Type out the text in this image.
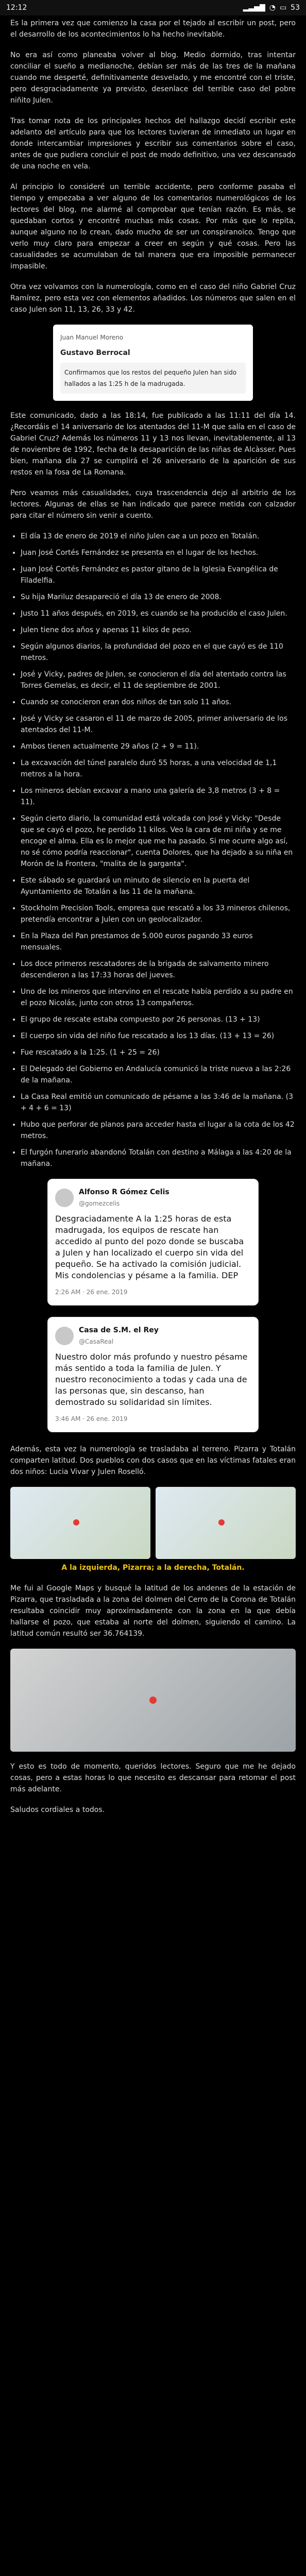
12:12	▂▃▅▇ ◔ ▭ 53

Es la primera vez que comienzo la casa por el tejado al escribir un post, pero el desarrollo de los acontecimientos lo ha hecho inevitable.

No era así como planeaba volver al blog. Medio dormido, tras intentar conciliar el sueño a medianoche, debían ser más de las tres de la mañana cuando me desperté, definitivamente desvelado, y me encontré con el triste, pero desgraciadamente ya previsto, desenlace del terrible caso del pobre niñito Julen.

Tras tomar nota de los principales hechos del hallazgo decidí escribir este adelanto del artículo para que los lectores tuvieran de inmediato un lugar en donde intercambiar impresiones y escribir sus comentarios sobre el caso, antes de que pudiera concluir el post de modo definitivo, una vez descansado de una noche en vela.

Al principio lo consideré un terrible accidente, pero conforme pasaba el tiempo y empezaba a ver alguno de los comentarios numerológicos de los lectores del blog, me alarmé al comprobar que tenían razón. Es más, se quedaban cortos y encontré muchas más cosas. Por más que lo repita, aunque alguno no lo crean, dado mucho de ser un conspiranoico. Tengo que verlo muy claro para empezar a creer en según y qué cosas. Pero las casualidades se acumulaban de tal manera que era imposible permanecer impasible.

Otra vez volvamos con la numerología, como en el caso del niño Gabriel Cruz Ramírez, pero esta vez con elementos añadidos. Los números que salen en el caso Julen son 11, 13, 26, 33 y 42.

Juan Manuel Moreno
Gustavo Berrocal
Confirmamos que los restos del pequeño Julen han sido hallados a las 1:25 h de la madrugada.

Este comunicado, dado a las 18:14, fue publicado a las 11:11 del día 14. ¿Recordáis el 14 aniversario de los atentados del 11-M que salía en el caso de Gabriel Cruz? Además los números 11 y 13 nos llevan, inevitablemente, al 13 de noviembre de 1992, fecha de la desaparición de las niñas de Alcàsser. Pues bien, mañana día 27 se cumplirá el 26 aniversario de la aparición de sus restos en la fosa de La Romana.

Pero veamos más casualidades, cuya trascendencia dejo al arbitrio de los lectores. Algunas de ellas se han indicado que parece metida con calzador para citar el número sin venir a cuento.

• El día 13 de enero de 2019 el niño Julen cae a un pozo en Totalán.
• Juan José Cortés Fernández se presenta en el lugar de los hechos.
• Juan José Cortés Fernández es pastor gitano de la Iglesia Evangélica de Filadelfia.
• Su hija Mariluz desapareció el día 13 de enero de 2008.
• Justo 11 años después, en 2019, es cuando se ha producido el caso Julen.
• Julen tiene dos años y apenas 11 kilos de peso.
• Según algunos diarios, la profundidad del pozo en el que cayó es de 110 metros.
• José y Vicky, padres de Julen, se conocieron el día del atentado contra las Torres Gemelas, es decir, el 11 de septiembre de 2001.
• Cuando se conocieron eran dos niños de tan solo 11 años.
• José y Vicky se casaron el 11 de marzo de 2005, primer aniversario de los atentados del 11-M.
• Ambos tienen actualmente 29 años (2 + 9 = 11).
• La excavación del túnel paralelo duró 55 horas, a una velocidad de 1,1 metros a la hora.
• Los mineros debían excavar a mano una galería de 3,8 metros (3 + 8 = 11).
• Según cierto diario, la comunidad está volcada con José y Vicky: "Desde que se cayó el pozo, he perdido 11 kilos. Veo la cara de mi niña y se me encoge el alma. Ella es lo mejor que me ha pasado. Si me ocurre algo así, no sé cómo podría reaccionar", cuenta Dolores, que ha dejado a su niña en Morón de la Frontera, "malita de la garganta".
• Este sábado se guardará un minuto de silencio en la puerta del Ayuntamiento de Totalán a las 11 de la mañana.
• Stockholm Precision Tools, empresa que rescató a los 33 mineros chilenos, pretendía encontrar a Julen con un geolocalizador.
• En la Plaza del Pan prestamos de 5.000 euros pagando 33 euros mensuales.
• Los doce primeros rescatadores de la brigada de salvamento minero descendieron a las 17:33 horas del jueves.
• Uno de los mineros que intervino en el rescate había perdido a su padre en el pozo Nicolás, junto con otros 13 compañeros.
• El grupo de rescate estaba compuesto por 26 personas. (13 + 13)
• El cuerpo sin vida del niño fue rescatado a los 13 días. (13 + 13 = 26)
• Fue rescatado a la 1:25. (1 + 25 = 26)
• El Delegado del Gobierno en Andalucía comunicó la triste nueva a las 2:26 de la mañana.
• La Casa Real emitió un comunicado de pésame a las 3:46 de la mañana. (3 + 4 + 6 = 13)
• Hubo que perforar de planos para acceder hasta el lugar a la cota de los 42 metros.
• El furgón funerario abandonó Totalán con destino a Málaga a las 4:20 de la mañana.
Alfonso R Gómez Celis
@gomezcelis
Desgraciadamente A la 1:25 horas de esta madrugada, los equipos de rescate han accedido al punto del pozo donde se buscaba a Julen y han localizado el cuerpo sin vida del pequeño. Se ha activado la comisión judicial. Mis condolencias y pésame a la familia. DEP
2:26 AM · 26 ene. 2019
Casa de S.M. el Rey
@CasaReal
Nuestro dolor más profundo y nuestro pésame más sentido a toda la familia de Julen. Y nuestro reconocimiento a todas y cada una de las personas que, sin descanso, han demostrado su solidaridad sin límites.
3:46 AM · 26 ene. 2019

Además, esta vez la numerología se trasladaba al terreno. Pizarra y Totalán comparten latitud. Dos pueblos con dos casos que en las víctimas fatales eran dos niños: Lucia Vivar y Julen Roselló.

A la izquierda, Pizarra; a la derecha, Totalán.

Me fui al Google Maps y busqué la latitud de los andenes de la estación de Pizarra, que trasladada a la zona del dolmen del Cerro de la Corona de Totalán resultaba coincidir muy aproximadamente con la zona en la que debía hallarse el pozo, que estaba al norte del dolmen, siguiendo el camino. La latitud común resultó ser 36.764139.

Y esto es todo de momento, queridos lectores. Seguro que me he dejado cosas, pero a estas horas lo que necesito es descansar para retomar el post más adelante.

Saludos cordiales a todos.
